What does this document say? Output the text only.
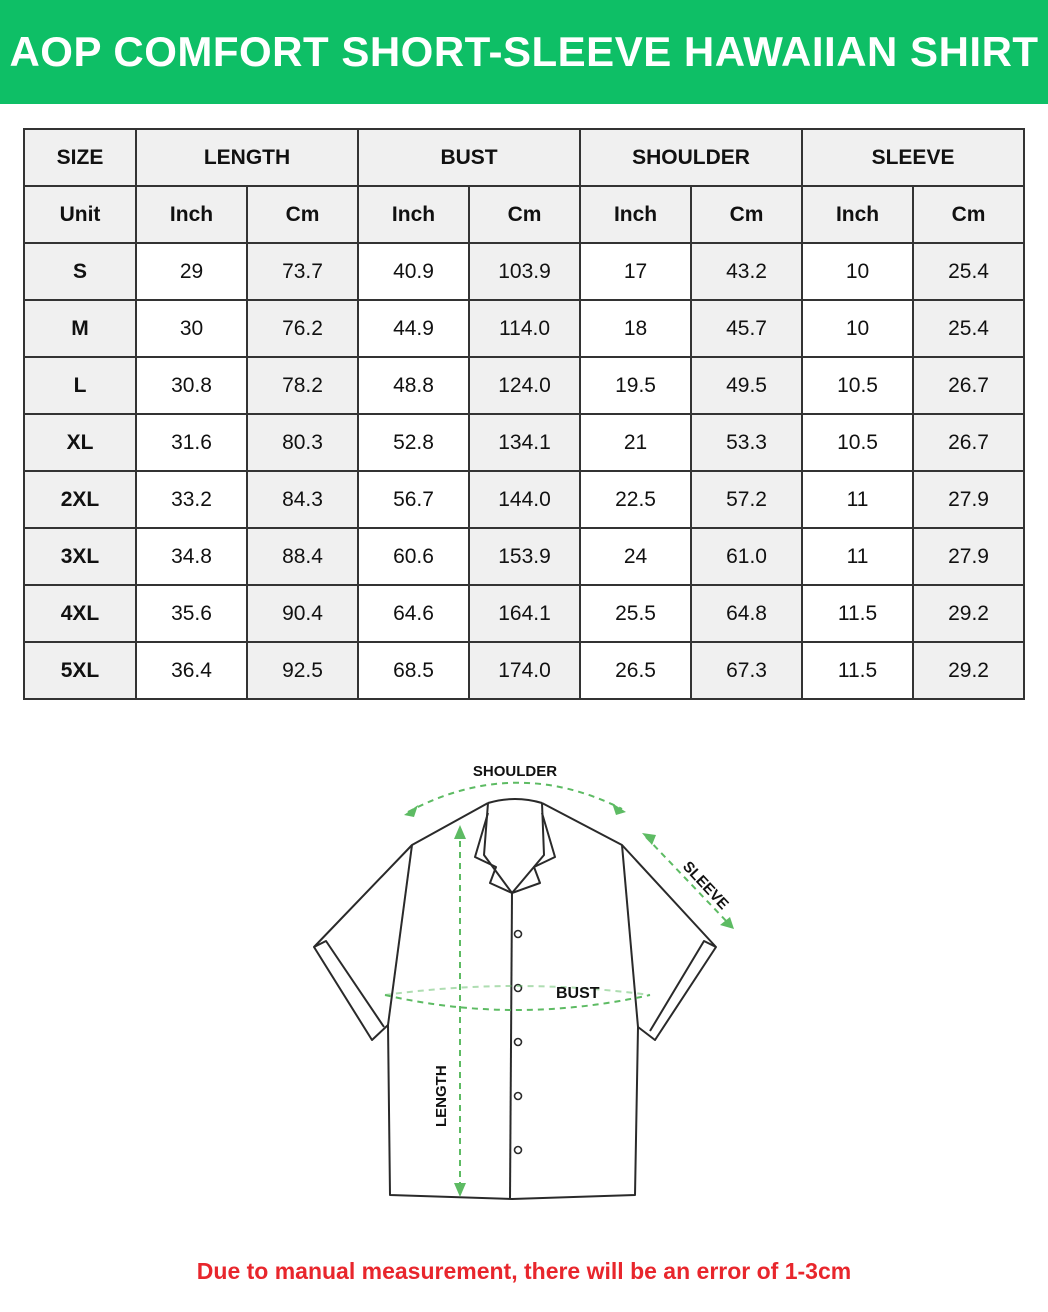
AOP COMFORT SHORT-SLEEVE HAWAIIAN SHIRT
SIZE	LENGTH		BUST		SHOULDER		SLEEVE	
Unit	Inch	Cm	Inch	Cm	Inch	Cm	Inch	Cm
S	29	73.7	40.9	103.9	17	43.2	10	25.4
M	30	76.2	44.9	114.0	18	45.7	10	25.4
L	30.8	78.2	48.8	124.0	19.5	49.5	10.5	26.7
XL	31.6	80.3	52.8	134.1	21	53.3	10.5	26.7
2XL	33.2	84.3	56.7	144.0	22.5	57.2	11	27.9
3XL	34.8	88.4	60.6	153.9	24	61.0	11	27.9
4XL	35.6	90.4	64.6	164.1	25.5	64.8	11.5	29.2
5XL	36.4	92.5	68.5	174.0	26.5	67.3	11.5	29.2
SHOULDER
SLEEVE
BUST
LENGTH
Due to manual measurement, there will be an error of 1-3cm
